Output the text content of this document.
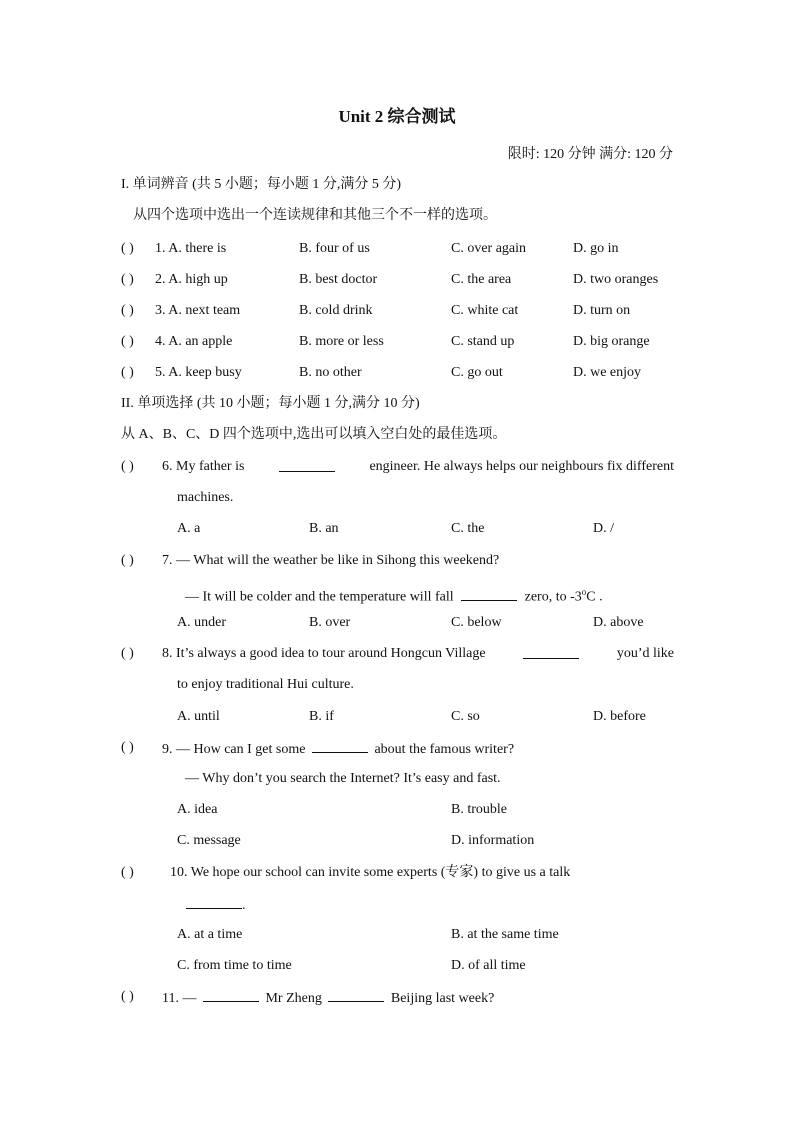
Unit 2 综合测试
限时: 120 分钟 满分: 120 分
I. 单词辨音 (共 5 小题；每小题 1 分,满分 5 分)
从四个选项中选出一个连读规律和其他三个不一样的选项。
( ) 1. A. there is	B. four of us	C. over again	D. go in
( ) 2. A. high up	B. best doctor	C. the area	D. two oranges
( ) 3. A. next team	B. cold drink	C. white cat	D. turn on
( ) 4. A. an apple	B. more or less	C. stand up	D. big orange
( ) 5. A. keep busy	B. no other	C. go out	D. we enjoy
II. 单项选择 (共 10 小题；每小题 1 分,满分 10 分)
从 A、B、C、D 四个选项中,选出可以填入空白处的最佳选项。
( ) 6. My father is	engineer. He always helps our neighbours fix different
machines.
A. a	B. an	C. the	D. /
( ) 7. — What will the weather be like in Sihong this weekend?
— It will be colder and the temperature will fall	zero, to -3$^o$C .
A. under	B. over	C. below	D. above
( ) 8. It’s always a good idea to tour around Hongcun Village	you’d like
to enjoy traditional Hui culture.
A. until	B. if	C. so	D. before
( ) 9. — How can I get some	about the famous writer?
— Why don’t you search the Internet? It’s easy and fast.
A. idea	B. trouble
C. message	D. information
( )	10. We hope our school can invite some experts (专家) to give us a talk
.
A. at a time	B. at the same time
C. from time to time	D. of all time
( ) 11. —	Mr Zheng	Beijing last week?
